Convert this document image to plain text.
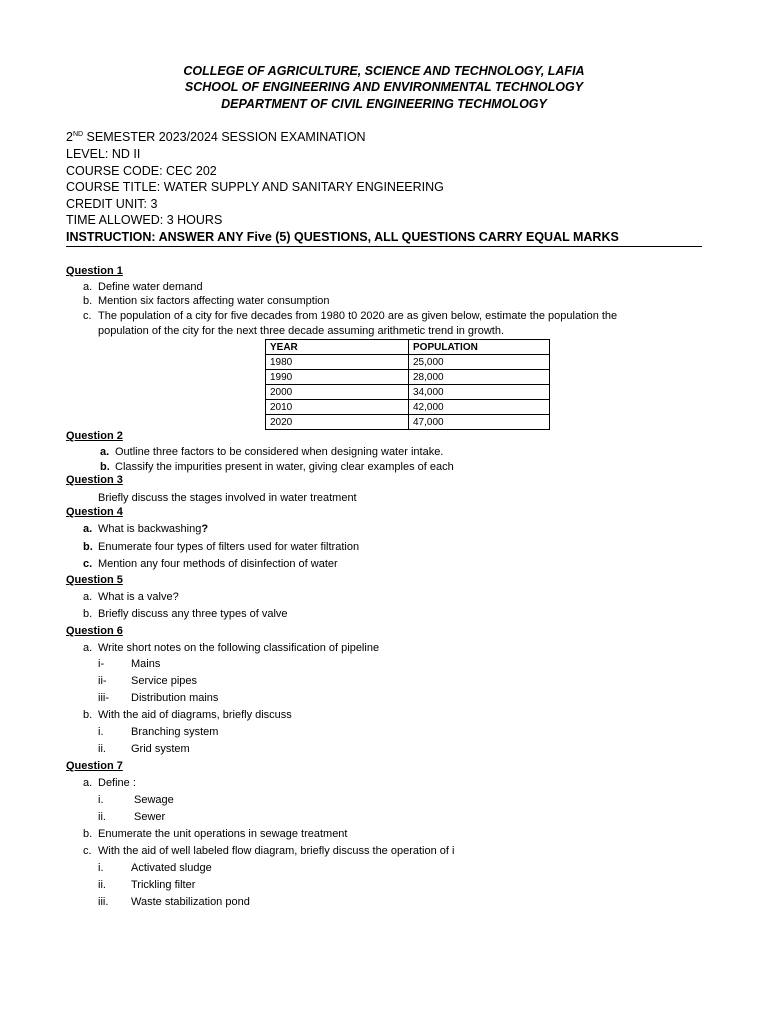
COLLEGE OF AGRICULTURE, SCIENCE AND TECHNOLOGY, LAFIA
SCHOOL OF ENGINEERING AND ENVIRONMENTAL TECHNOLOGY
DEPARTMENT OF CIVIL ENGINEERING TECHMOLOGY
2ND SEMESTER 2023/2024 SESSION EXAMINATION
LEVEL: ND II
COURSE CODE: CEC 202
COURSE TITLE: WATER SUPPLY AND SANITARY ENGINEERING
CREDIT UNIT: 3
TIME ALLOWED: 3 HOURS
INSTRUCTION: ANSWER ANY Five (5) QUESTIONS, ALL QUESTIONS CARRY EQUAL MARKS
Question 1
a. Define water demand
b. Mention six factors affecting water consumption
c. The population of a city for five decades from 1980 t0 2020 are as given below, estimate the population the
population of the city for the next three decade assuming arithmetic trend in growth.
YEAR	POPULATION
1980	25,000
1990	28,000
2000	34,000
2010	42,000
2020	47,000
Question 2
a. Outline three factors to be considered when designing water intake.
b. Classify the impurities present in water, giving clear examples of each
Question 3
Briefly discuss the stages involved in water treatment
Question 4
a. What is backwashing?
b. Enumerate four types of filters used for water filtration
c. Mention any four methods of disinfection of water
Question 5
a. What is a valve?
b. Briefly discuss any three types of valve
Question 6
a. Write short notes on the following classification of pipeline
i- Mains
ii- Service pipes
iii- Distribution mains
b. With the aid of diagrams, briefly discuss
i.	Branching system
ii. Grid system
Question 7
a. Define :
i.	Sewage
ii.	Sewer
b. Enumerate the unit operations in sewage treatment
c. With the aid of well labeled flow diagram, briefly discuss the operation of i
i.	Activated sludge
ii. Trickling filter
iii. Waste stabilization pond
